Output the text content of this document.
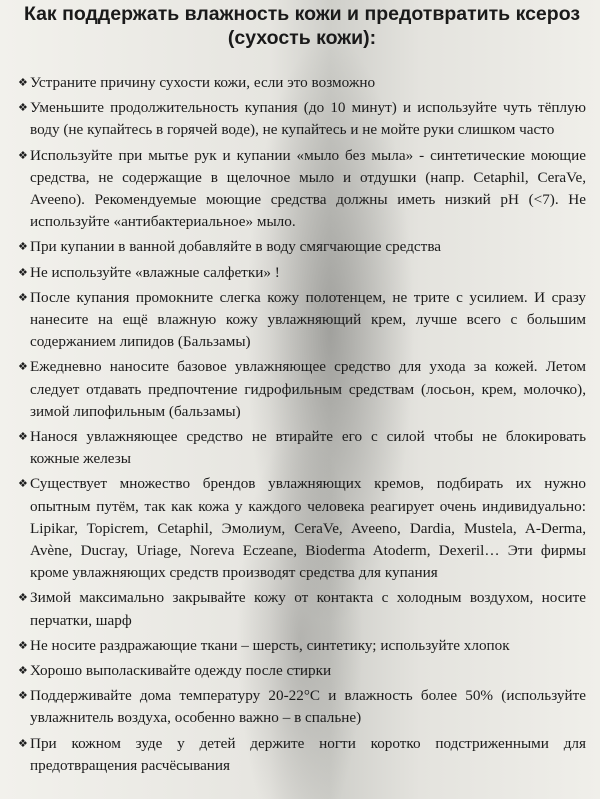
Как поддержать влажность кожи и предотвратить ксероз
(сухость кожи):
❖ Устраните причину сухости кожи, если это возможно
❖ Уменьшите продолжительность купания (до 10 минут) и используйте чуть тёплую воду (не купайтесь в горячей воде), не купайтесь и не мойте руки слишком часто
❖ Используйте при мытье рук и купании «мыло без мыла» - синтетические моющие средства, не содержащие в щелочное мыло и отдушки (напр. Cetaphil, CeraVe, Aveeno). Рекомендуемые моющие средства должны иметь низкий pH (<7). Не используйте «антибактериальное» мыло.
❖ При купании в ванной добавляйте в воду смягчающие средства
❖ Не используйте «влажные салфетки» !
❖ После купания промокните слегка кожу полотенцем, не трите с усилием. И сразу нанесите на ещё влажную кожу увлажняющий крем, лучше всего с большим содержанием липидов (Бальзамы)
❖ Ежедневно наносите базовое увлажняющее средство для ухода за кожей. Летом следует отдавать предпочтение гидрофильным средствам (лосьон, крем, молочко), зимой липофильным (бальзамы)
❖ Нанося увлажняющее средство не втирайте его с силой чтобы не блокировать кожные железы
❖ Существует множество брендов увлажняющих кремов, подбирать их нужно опытным путём, так как кожа у каждого человека реагирует очень индивидуально: Lipikar, Topicrem, Cetaphil, Эмолиум, CeraVe, Aveeno, Dardia, Mustela, A-Derma, Avène, Ducray, Uriage, Noreva Eczeane, Bioderma Atoderm, Dexeril… Эти фирмы кроме увлажняющих средств производят средства для купания
❖ Зимой максимально закрывайте кожу от контакта с холодным воздухом, носите перчатки, шарф
❖ Не носите раздражающие ткани – шерсть, синтетику; используйте хлопок
❖ Хорошо выполаскивайте одежду после стирки
❖ Поддерживайте дома температуру 20-22°C и влажность более 50% (используйте увлажнитель воздуха, особенно важно – в спальне)
❖ При кожном зуде у детей держите ногти коротко подстриженными для предотвращения расчёсывания
